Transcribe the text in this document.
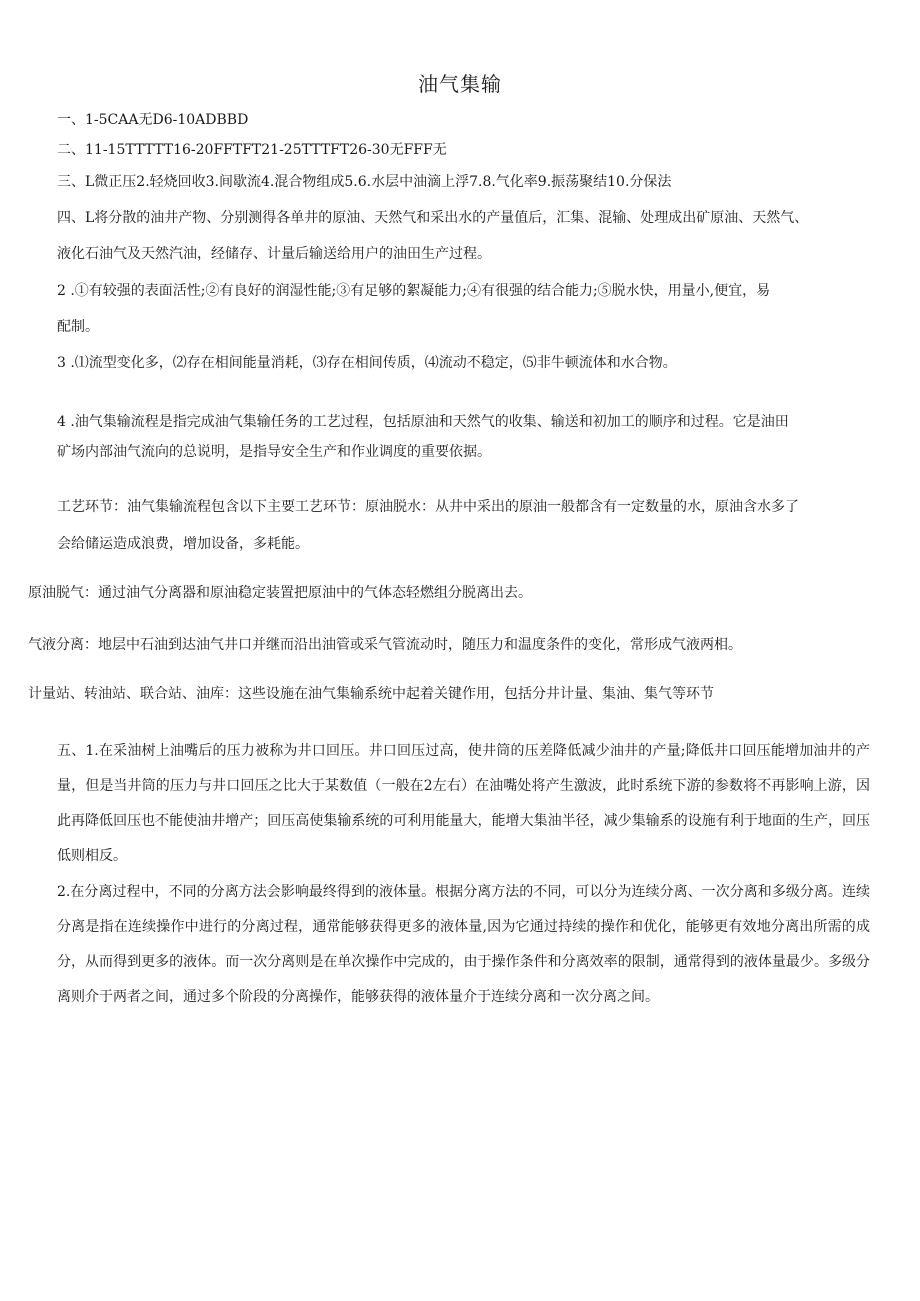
油气集输
一、1-5CAA无D6-10ADBBD
二、11-15TTTTT16-20FFTFT21-25TTTFT26-30无FFF无
三、L微正压2.轻烧回收3.间歇流4.混合物组成5.6.水层中油滴上浮7.8.气化率9.振荡聚结10.分保法
四、L将分散的油井产物、分别测得各单井的原油、天然气和采出水的产量值后，汇集、混输、处理成出矿原油、天然气、
液化石油气及天然汽油，经储存、计量后输送给用户的油田生产过程。
2 .①有较强的表面活性;②有良好的润湿性能;③有足够的絮凝能力;④有很强的结合能力;⑤脱水快，用量小,便宜，易
配制。
3 .⑴流型变化多，⑵存在相间能量消耗，⑶存在相间传质，⑷流动不稳定，⑸非牛顿流体和水合物。
4 .油气集输流程是指完成油气集输任务的工艺过程，包括原油和天然气的收集、输送和初加工的顺序和过程。它是油田
矿场内部油气流向的总说明，是指导安全生产和作业调度的重要依据。
工艺环节：油气集输流程包含以下主要工艺环节：原油脱水：从井中采出的原油一般都含有一定数量的水，原油含水多了
会给储运造成浪费，增加设备，多耗能。
原油脱气：通过油气分离器和原油稳定装置把原油中的气体态轻燃组分脱离出去。
气液分离：地层中石油到达油气井口并继而沿出油管或采气管流动时，随压力和温度条件的变化，常形成气液两相。
计量站、转油站、联合站、油库：这些设施在油气集输系统中起着关键作用，包括分井计量、集油、集气等环节
五、1.在采油树上油嘴后的压力被称为井口回压。井口回压过高，使井筒的压差降低减少油井的产量;降低井口回压能增加油井的产量，但是当井筒的压力与井口回压之比大于某数值（一般在2左右）在油嘴处将产生激波，此时系统下游的参数将不再影响上游，因此再降低回压也不能使油井增产；回压高使集输系统的可利用能量大，能增大集油半径，减少集输系的设施有利于地面的生产，回压低则相反。
2.在分离过程中，不同的分离方法会影响最终得到的液体量。根据分离方法的不同，可以分为连续分离、一次分离和多级分离。连续分离是指在连续操作中进行的分离过程，通常能够获得更多的液体量,因为它通过持续的操作和优化，能够更有效地分离出所需的成分，从而得到更多的液体。而一次分离则是在单次操作中完成的，由于操作条件和分离效率的限制，通常得到的液体量最少。多级分离则介于两者之间，通过多个阶段的分离操作，能够获得的液体量介于连续分离和一次分离之间。
